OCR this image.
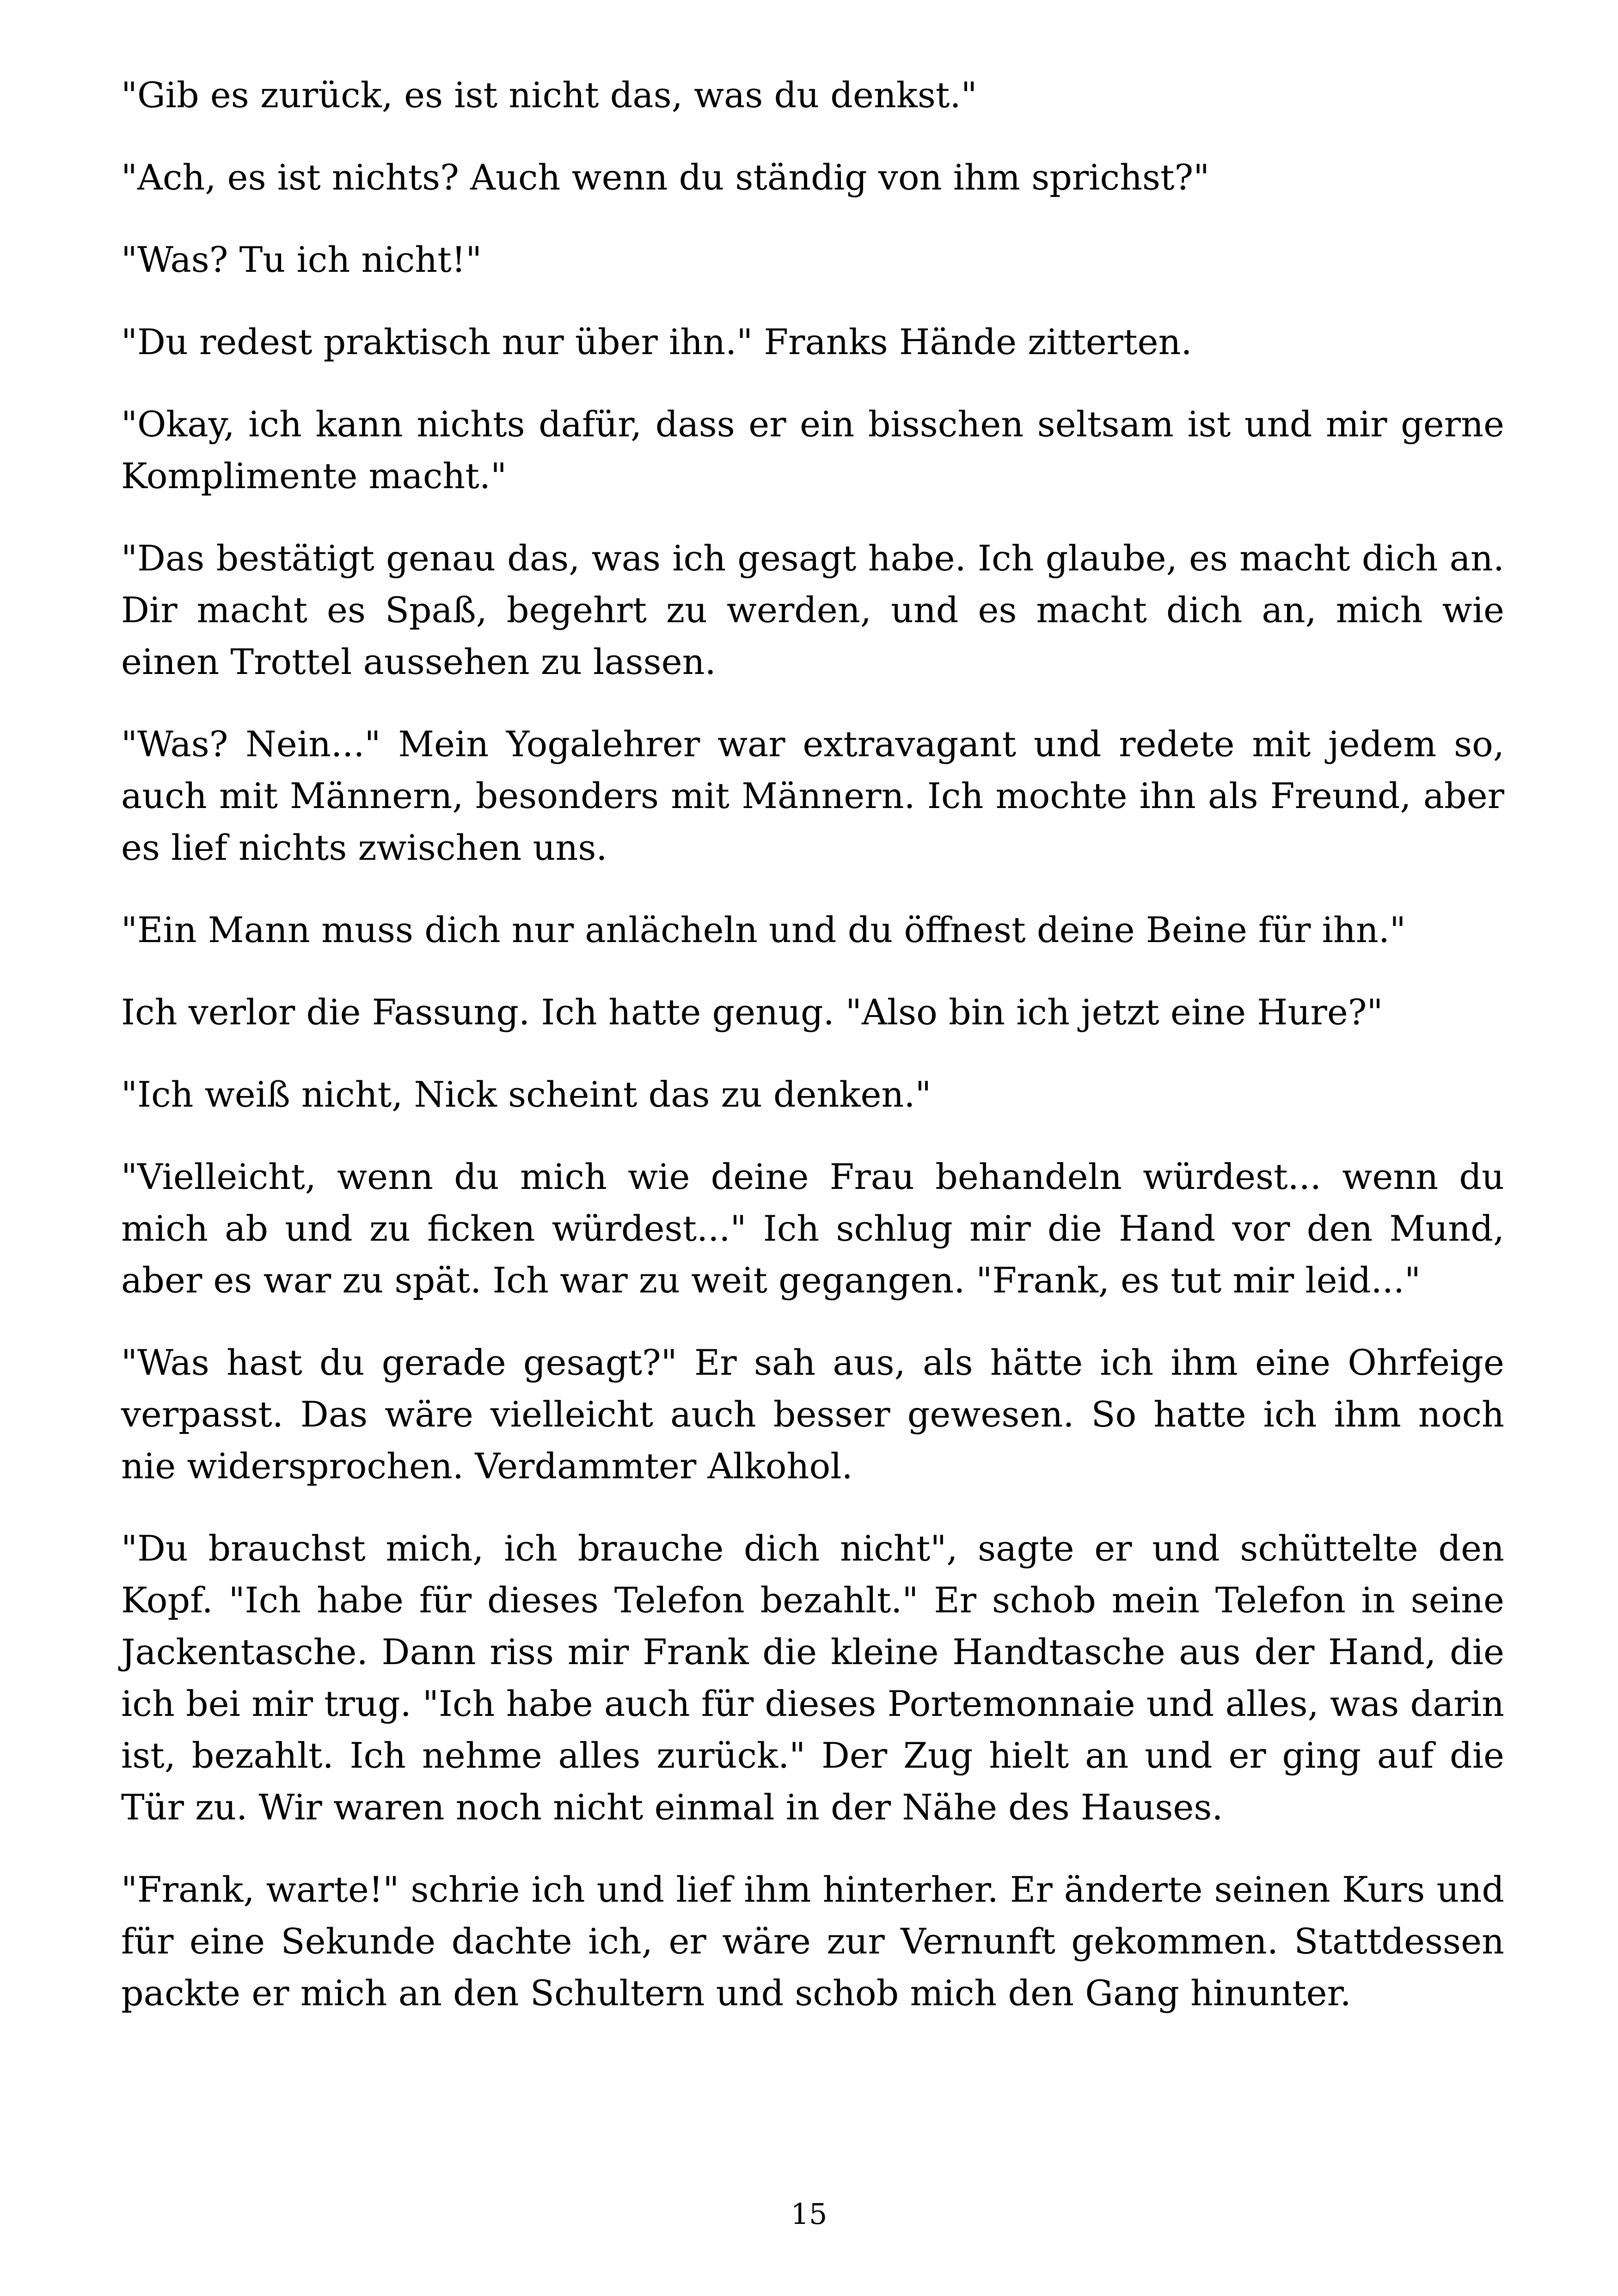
"Gib es zurück, es ist nicht das, was du denkst."

"Ach, es ist nichts? Auch wenn du ständig von ihm sprichst?"

"Was? Tu ich nicht!"

"Du redest praktisch nur über ihn." Franks Hände zitterten.

"Okay, ich kann nichts dafür, dass er ein bisschen seltsam ist und mir gerne Komplimente macht."

"Das bestätigt genau das, was ich gesagt habe. Ich glaube, es macht dich an. Dir macht es Spaß, begehrt zu werden, und es macht dich an, mich wie einen Trottel aussehen zu lassen.

"Was? Nein..." Mein Yogalehrer war extravagant und redete mit jedem so, auch mit Männern, besonders mit Männern. Ich mochte ihn als Freund, aber es lief nichts zwischen uns.

"Ein Mann muss dich nur anlächeln und du öffnest deine Beine für ihn."

Ich verlor die Fassung. Ich hatte genug. "Also bin ich jetzt eine Hure?"

"Ich weiß nicht, Nick scheint das zu denken."

"Vielleicht, wenn du mich wie deine Frau behandeln würdest... wenn du mich ab und zu ficken würdest..." Ich schlug mir die Hand vor den Mund, aber es war zu spät. Ich war zu weit gegangen. "Frank, es tut mir leid..."

"Was hast du gerade gesagt?" Er sah aus, als hätte ich ihm eine Ohrfeige verpasst. Das wäre vielleicht auch besser gewesen. So hatte ich ihm noch nie widersprochen. Verdammter Alkohol.

"Du brauchst mich, ich brauche dich nicht", sagte er und schüttelte den Kopf. "Ich habe für dieses Telefon bezahlt." Er schob mein Telefon in seine Jackentasche. Dann riss mir Frank die kleine Handtasche aus der Hand, die ich bei mir trug. "Ich habe auch für dieses Portemonnaie und alles, was darin ist, bezahlt. Ich nehme alles zurück." Der Zug hielt an und er ging auf die Tür zu. Wir waren noch nicht einmal in der Nähe des Hauses.

"Frank, warte!" schrie ich und lief ihm hinterher. Er änderte seinen Kurs und für eine Sekunde dachte ich, er wäre zur Vernunft gekommen. Stattdessen packte er mich an den Schultern und schob mich den Gang hinunter.

15
